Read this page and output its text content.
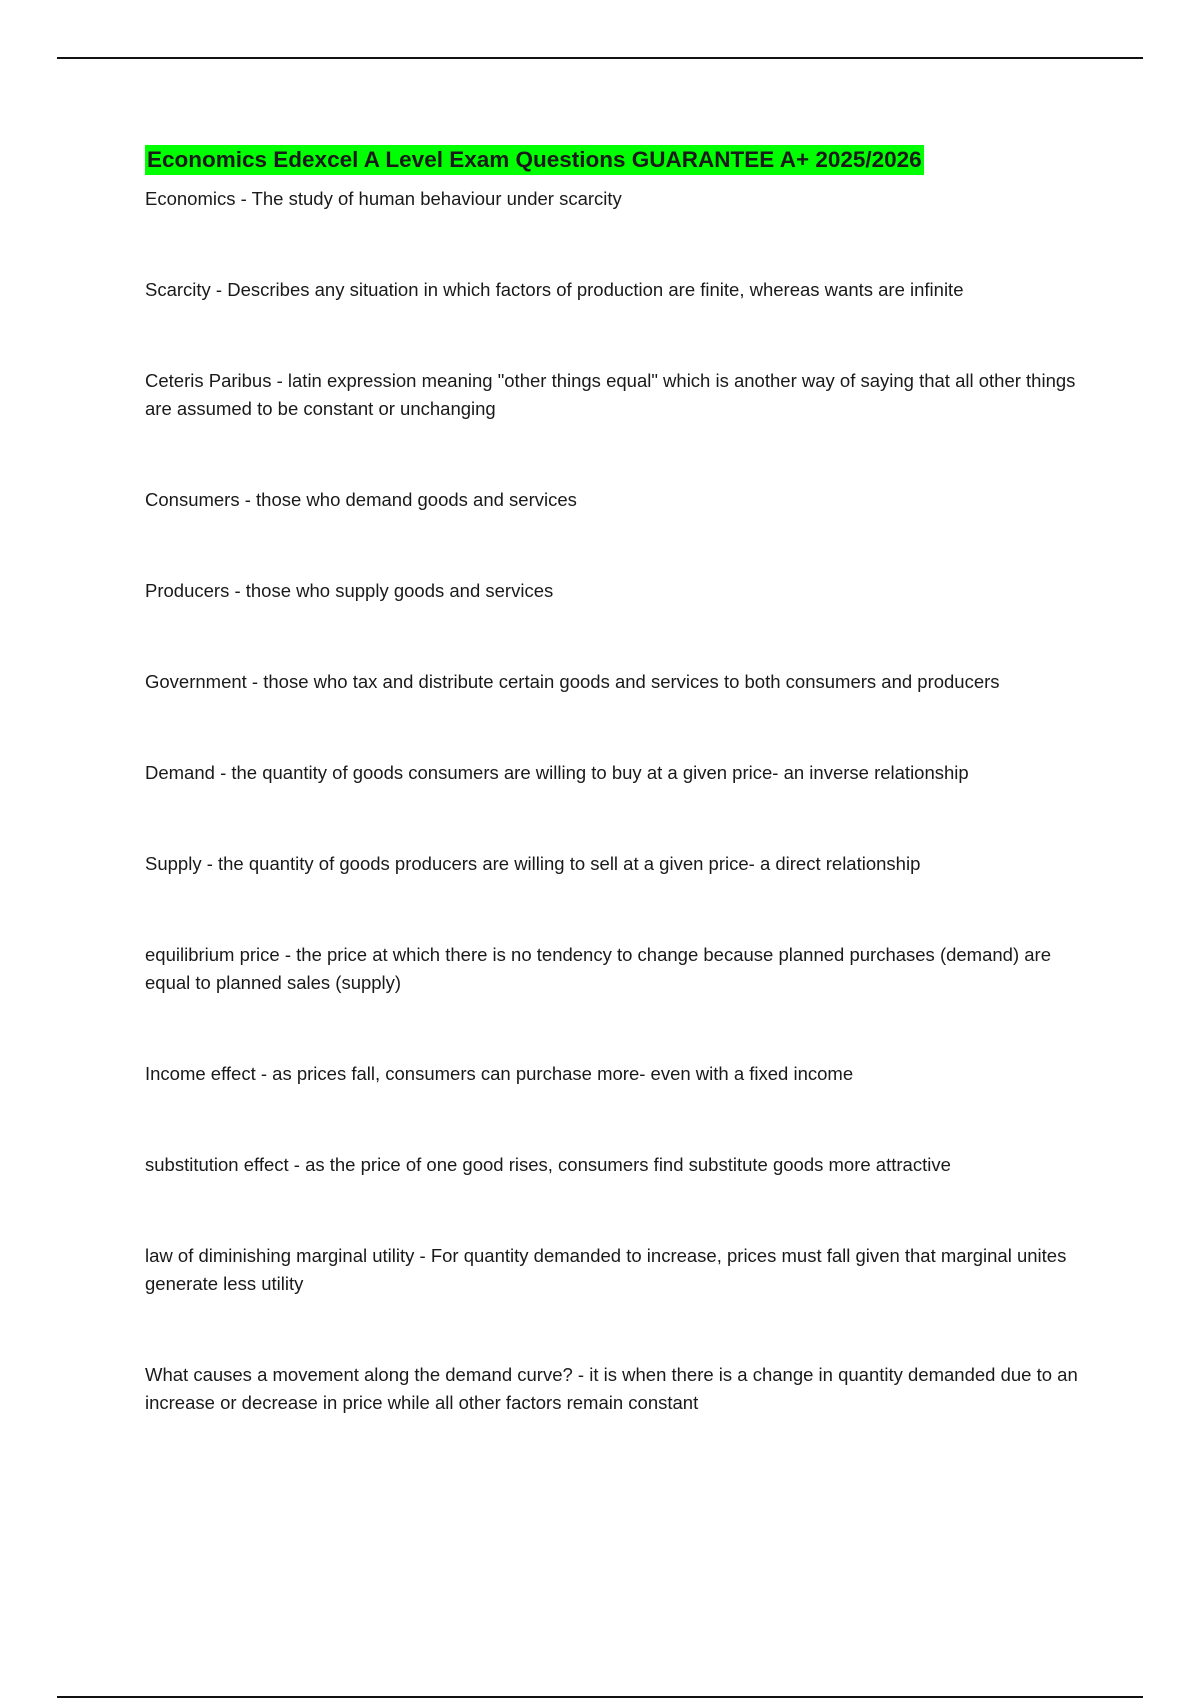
Economics Edexcel A Level Exam Questions GUARANTEE A+ 2025/2026
Economics - The study of human behaviour under scarcity
Scarcity - Describes any situation in which factors of production are finite, whereas wants are infinite
Ceteris Paribus - latin expression meaning "other things equal" which is another way of saying that all other things are assumed to be constant or unchanging
Consumers - those who demand goods and services
Producers - those who supply goods and services
Government - those who tax and distribute certain goods and services to both consumers and producers
Demand - the quantity of goods consumers are willing to buy at a given price- an inverse relationship
Supply - the quantity of goods producers are willing to sell at a given price- a direct relationship
equilibrium price - the price at which there is no tendency to change because planned purchases (demand) are equal to planned sales (supply)
Income effect - as prices fall, consumers can purchase more- even with a fixed income
substitution effect - as the price of one good rises, consumers find substitute goods more attractive
law of diminishing marginal utility - For quantity demanded to increase, prices must fall given that marginal unites generate less utility
What causes a movement along the demand curve? - it is when there is a change in quantity demanded due to an increase or decrease in price while all other factors remain constant
